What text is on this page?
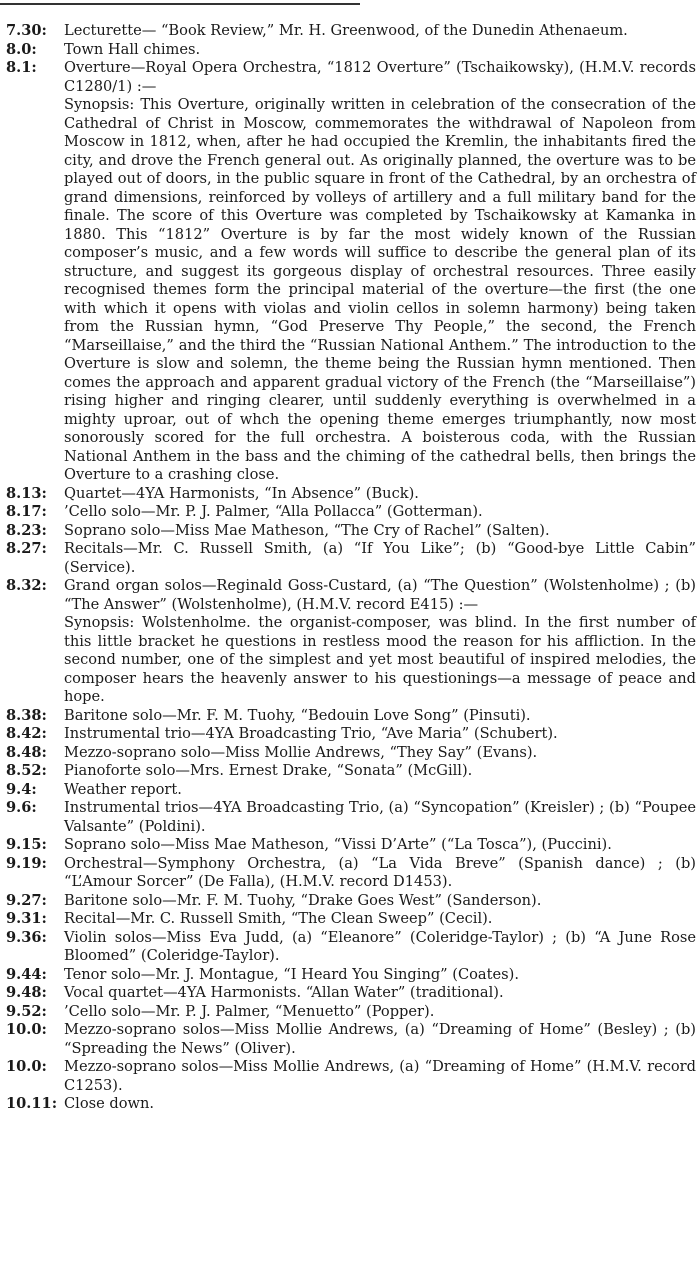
7.30: Lecturette— “Book Review,” Mr. H. Greenwood, of the Dunedin Athenaeum.
8.0: Town Hall chimes.
8.1: Overture—Royal Opera Orchestra, “1812 Overture” (Tschaikowsky), (H.M.V. records C1280/1) :—

Synopsis: This Overture, originally written in celebration of the consecration of the Cathedral of Christ in Moscow, commemorates the withdrawal of Napoleon from Moscow in 1812, when, after he had occupied the Kremlin, the inhabitants fired the city, and drove the French general out. As originally planned, the overture was to be played out of doors, in the public square in front of the Cathedral, by an orchestra of grand dimensions, reinforced by volleys of artillery and a full military band for the finale. The score of this Overture was completed by Tschaikowsky at Kamanka in 1880. This “1812” Overture is by far the most widely known of the Russian composer’s music, and a few words will suffice to describe the general plan of its structure, and suggest its gorgeous display of orchestral resources. Three easily recognised themes form the principal material of the overture—the first (the one with which it opens with violas and violin cellos in solemn harmony) being taken from the Russian hymn, “God Preserve Thy People,” the second, the French “Marseillaise,” and the third the “Russian National Anthem.” The introduction to the Overture is slow and solemn, the theme being the Russian hymn mentioned. Then comes the approach and apparent gradual victory of the French (the “Marseillaise”) rising higher and ringing clearer, until suddenly everything is overwhelmed in a mighty uproar, out of whch the opening theme emerges triumphantly, now most sonorously scored for the full orchestra. A boisterous coda, with the Russian National Anthem in the bass and the chiming of the cathedral bells, then brings the Overture to a crashing close.

8.13: Quartet—4YA Harmonists, “In Absence” (Buck).
8.17: ’Cello solo—Mr. P. J. Palmer, “Alla Pollacca” (Gotterman).
8.23: Soprano solo—Miss Mae Matheson, “The Cry of Rachel” (Salten).
8.27: Recitals—Mr. C. Russell Smith, (a) “If You Like”; (b) “Good-bye Little Cabin” (Service).
8.32: Grand organ solos—Reginald Goss-Custard, (a) “The Question” (Wolstenholme) ; (b) “The Answer” (Wolstenholme), (H.M.V. record E415) :—

Synopsis: Wolstenholme. the organist-composer, was blind. In the first number of this little bracket he questions in restless mood the reason for his affliction. In the second number, one of the simplest and yet most beautiful of inspired melodies, the composer hears the heavenly answer to his questionings—a message of peace and hope.

8.38: Baritone solo—Mr. F. M. Tuohy, “Bedouin Love Song” (Pinsuti).
8.42: Instrumental trio—4YA Broadcasting Trio, “Ave Maria” (Schubert).
8.48: Mezzo-soprano solo—Miss Mollie Andrews, “They Say” (Evans).
8.52: Pianoforte solo—Mrs. Ernest Drake, “Sonata” (McGill).
9.4: Weather report.
9.6: Instrumental trios—4YA Broadcasting Trio, (a) “Syncopation” (Kreisler) ; (b) “Poupee Valsante” (Poldini).
9.15: Soprano solo—Miss Mae Matheson, “Vissi D’Arte” (“La Tosca”), (Puccini).
9.19: Orchestral—Symphony Orchestra, (a) “La Vida Breve” (Spanish dance) ; (b) “L’Amour Sorcer” (De Falla), (H.M.V. record D1453).
9.27: Baritone solo—Mr. F. M. Tuohy, “Drake Goes West” (Sanderson).
9.31: Recital—Mr. C. Russell Smith, “The Clean Sweep” (Cecil).
9.36: Violin solos—Miss Eva Judd, (a) “Eleanore” (Coleridge-Taylor) ; (b) “A June Rose Bloomed” (Coleridge-Taylor).
9.44: Tenor solo—Mr. J. Montague, “I Heard You Singing” (Coates).
9.48: Vocal quartet—4YA Harmonists. “Allan Water” (traditional).
9.52: ’Cello solo—Mr. P. J. Palmer, “Menuetto” (Popper).
10.0: Mezzo-soprano solos—Miss Mollie Andrews, (a) “Dreaming of Home” (Besley) ; (b) “Spreading the News” (Oliver).
10.0: Mezzo-soprano solos—Miss Mollie Andrews, (a) “Dreaming of Home” (H.M.V. record C1253).
10.11: Close down.
